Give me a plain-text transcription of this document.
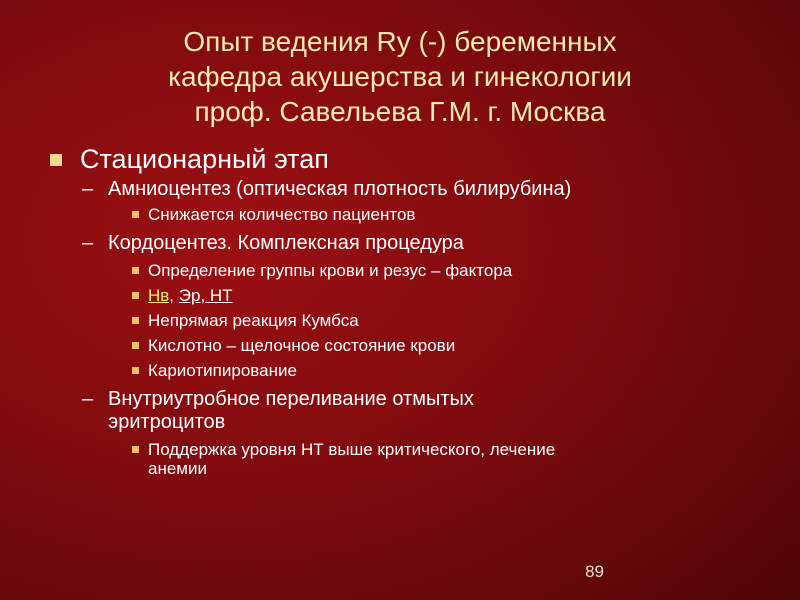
Опыт ведения Ry (-) беременных
кафедра акушерства и гинекологии
проф. Савельева Г.М. г. Москва
Стационарный этап
– Амниоцентез (оптическая плотность билирубина)
Снижается количество пациентов
– Кордоцентез. Комплексная процедура
Определение группы крови и резус – фактора
Нв, Эр, НТ
Непрямая реакция Кумбса
Кислотно – щелочное состояние крови
Кариотипирование
– Внутриутробное переливание отмытых
эритроцитов
Поддержка уровня НТ выше критического, лечение
анемии
89
